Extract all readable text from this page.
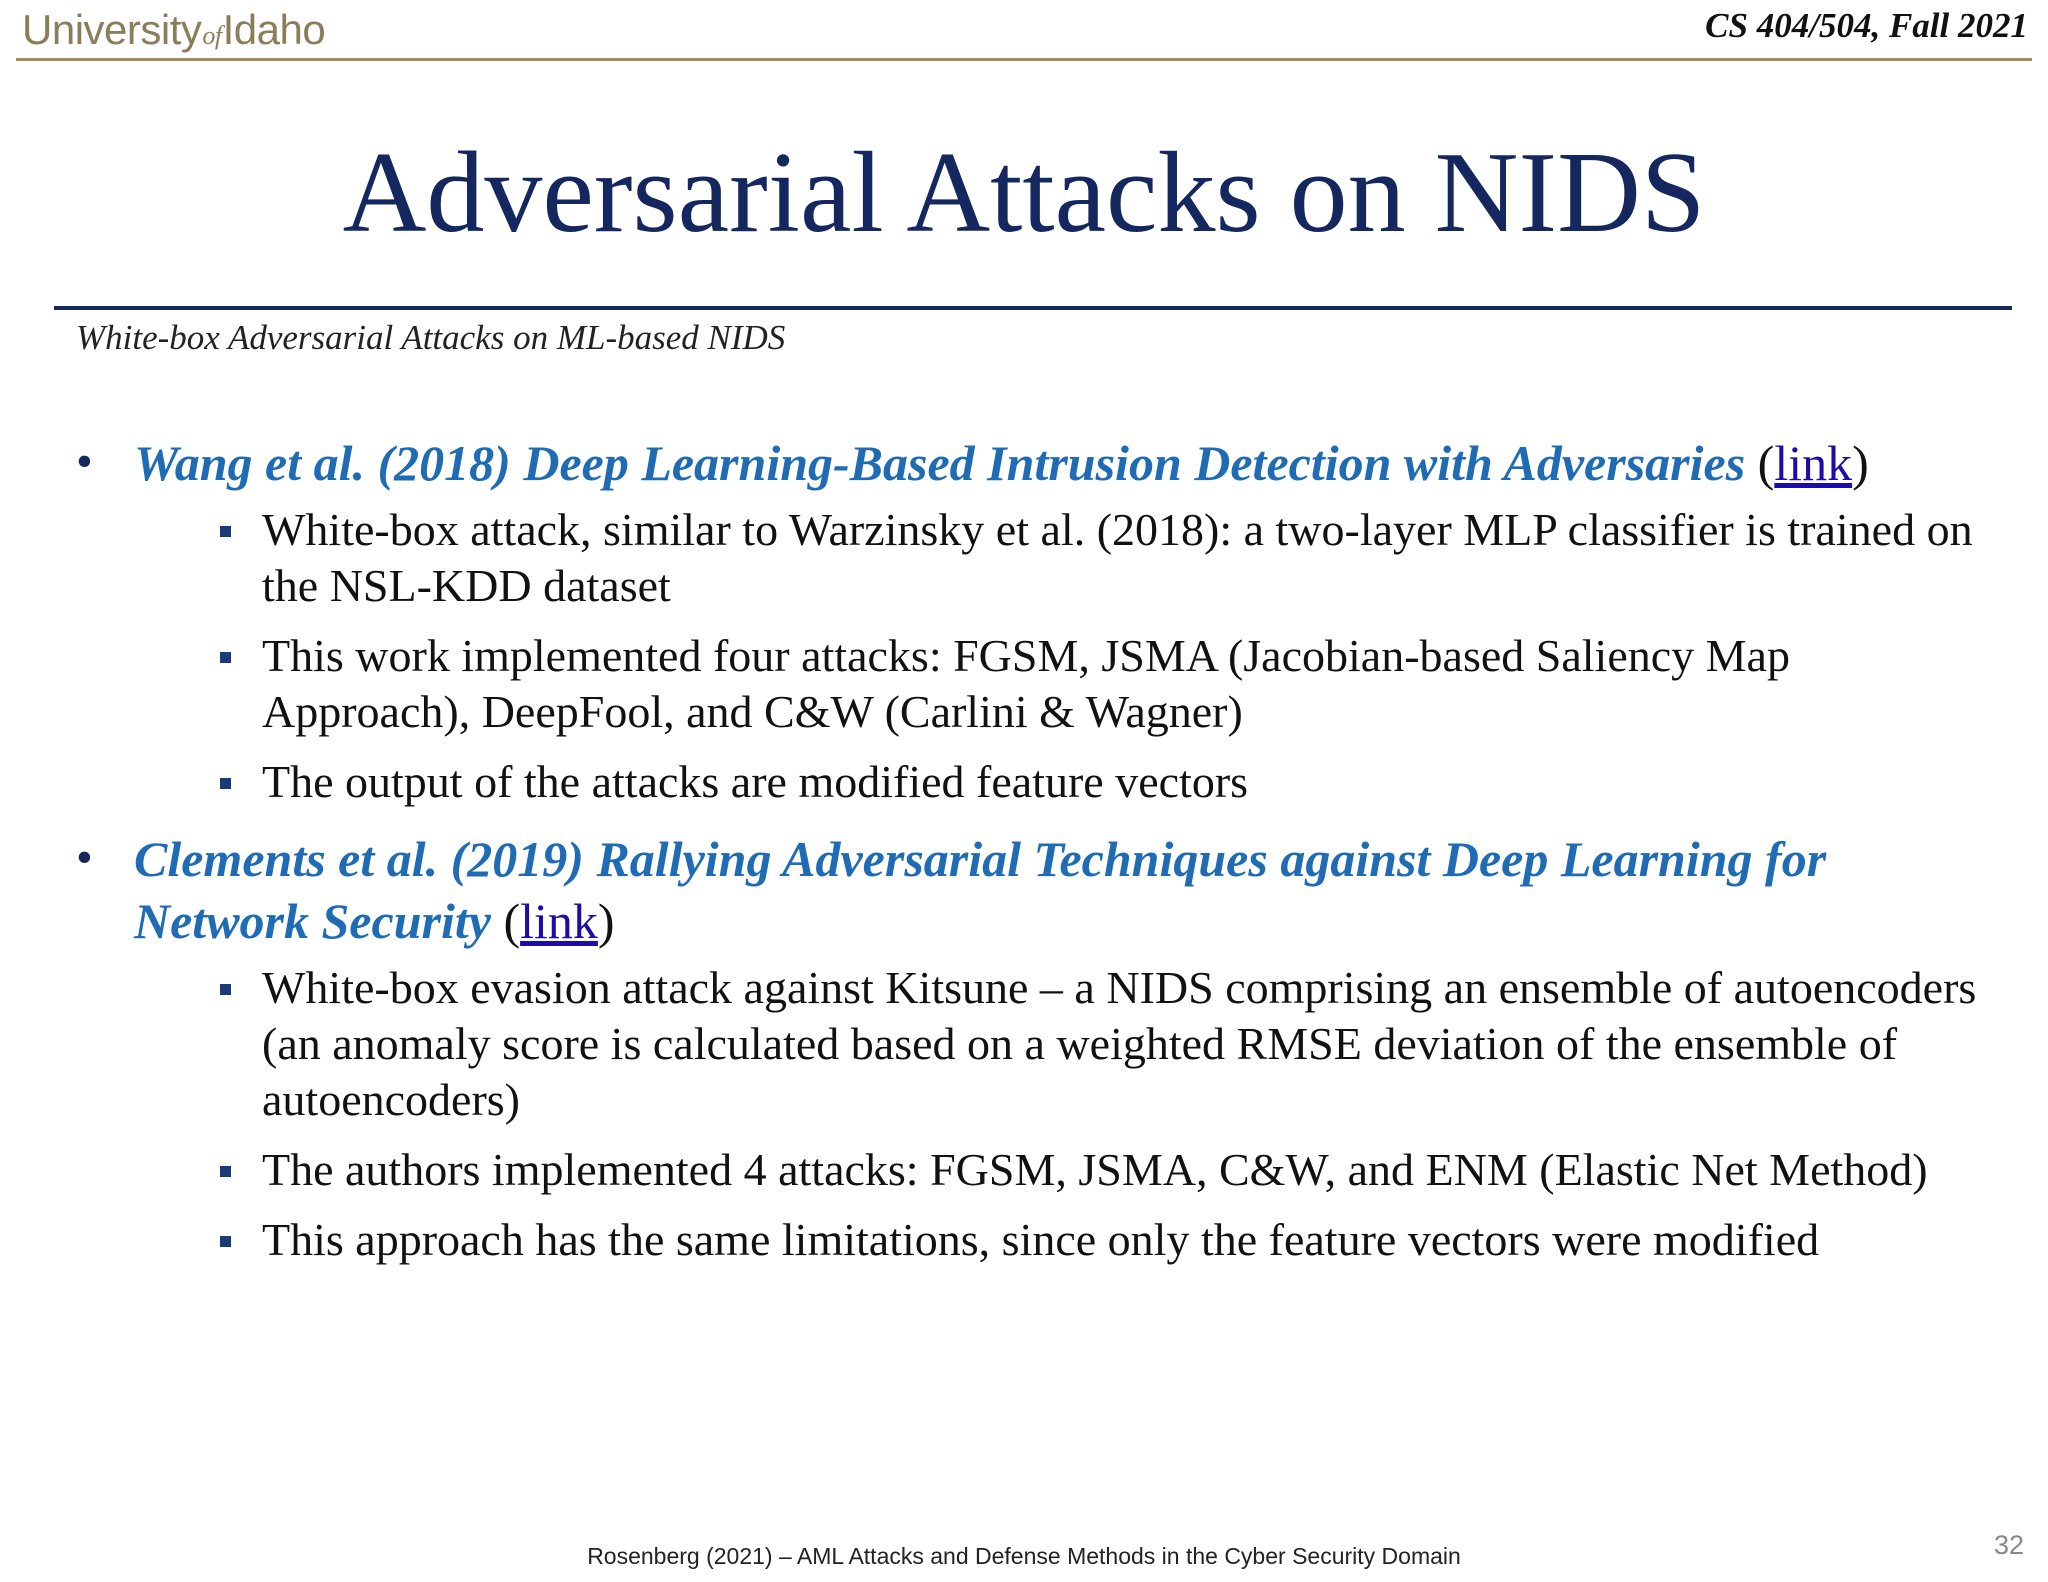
UniversityofIdaho	CS 404/504, Fall 2021
Adversarial Attacks on NIDS
White-box Adversarial Attacks on ML-based NIDS
• Wang et al. (2018) Deep Learning-Based Intrusion Detection with Adversaries (link)
White-box attack, similar to Warzinsky et al. (2018): a two-layer MLP classifier is trained on the NSL-KDD dataset
This work implemented four attacks: FGSM, JSMA (Jacobian-based Saliency Map Approach), DeepFool, and C&W (Carlini & Wagner)
The output of the attacks are modified feature vectors
• Clements et al. (2019) Rallying Adversarial Techniques against Deep Learning for Network Security (link)
White-box evasion attack against Kitsune – a NIDS comprising an ensemble of autoencoders (an anomaly score is calculated based on a weighted RMSE deviation of the ensemble of autoencoders)
The authors implemented 4 attacks: FGSM, JSMA, C&W, and ENM (Elastic Net Method)
This approach has the same limitations, since only the feature vectors were modified
Rosenberg (2021) – AML Attacks and Defense Methods in the Cyber Security Domain	32
